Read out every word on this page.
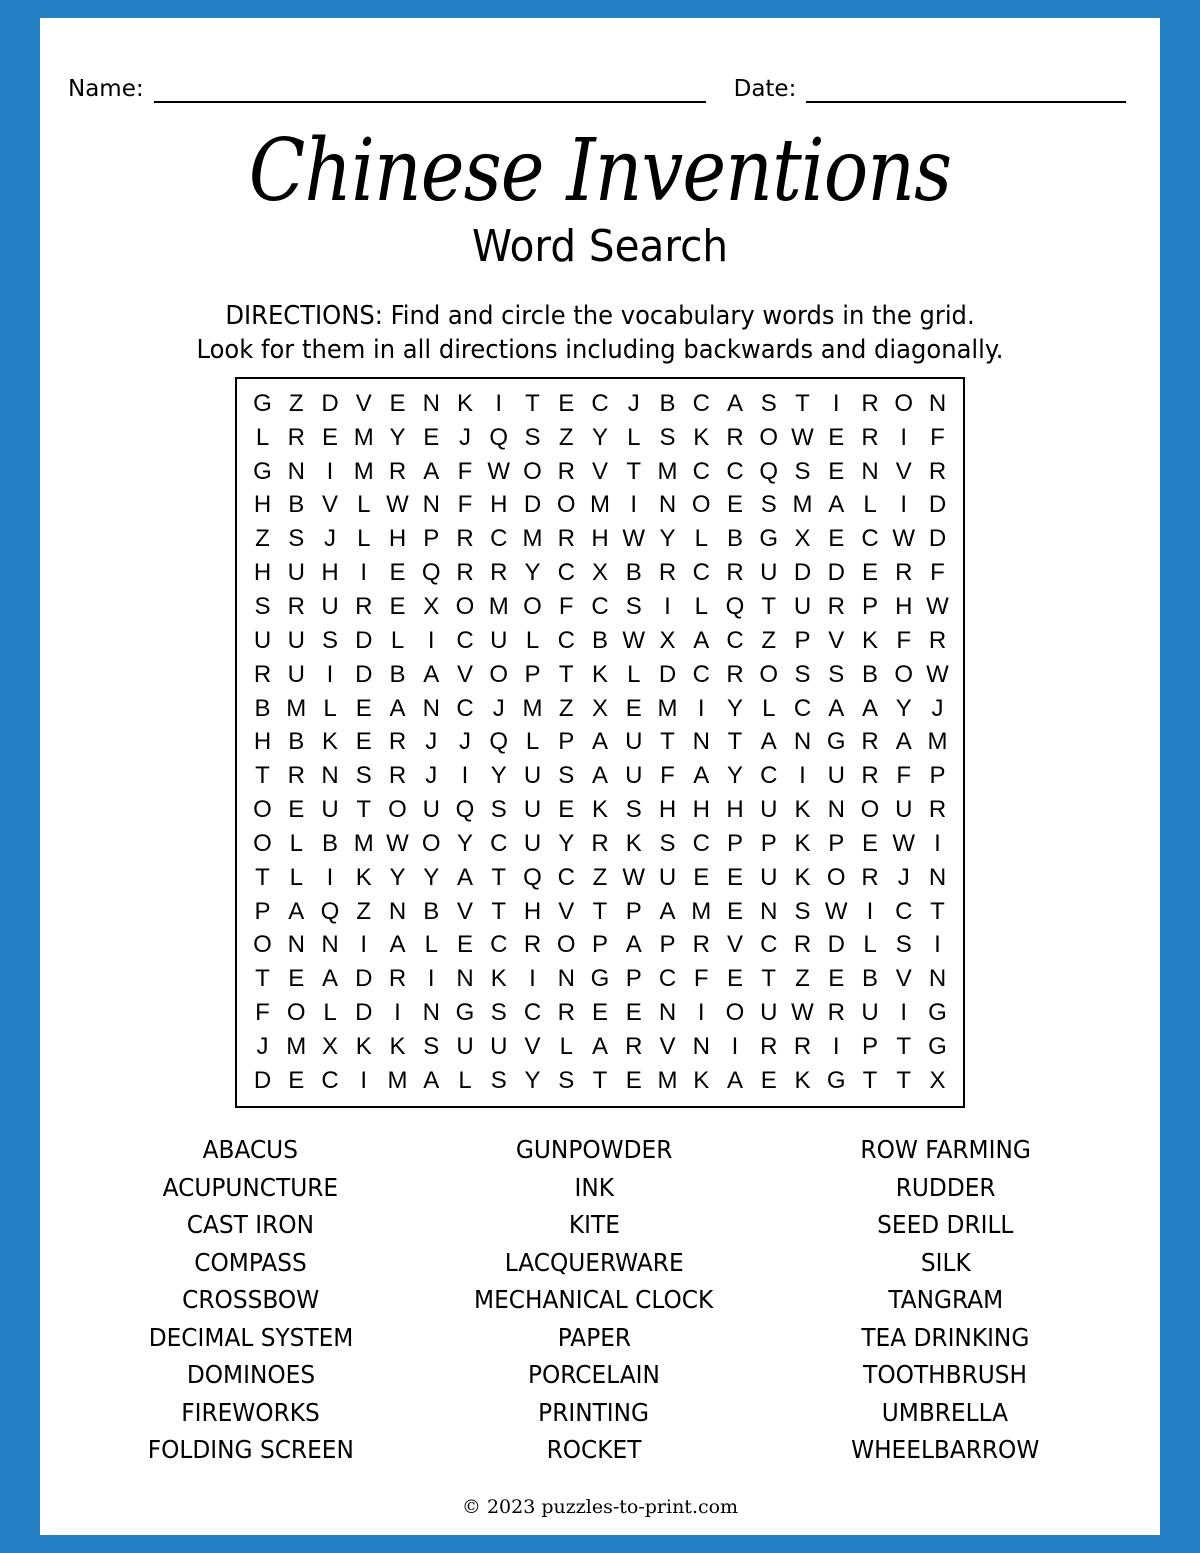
Name:	Date:
Chinese Inventions
Word Search
DIRECTIONS: Find and circle the vocabulary words in the grid.
Look for them in all directions including backwards and diagonally.
G Z D V E N K I T E C J B C A S T I R O N
L R E M Y E J Q S Z Y L S K R O W E R I F
G N I M R A F W O R V T M C C Q S E N V R
H B V L W N F H D O M I N O E S M A L I D
Z S J L H P R C M R H W Y L B G X E C W D
H U H I E Q R R Y C X B R C R U D D E R F
S R U R E X O M O F C S I L Q T U R P H W
U U S D L I C U L C B W X A C Z P V K F R
R U I D B A V O P T K L D C R O S S B O W
B M L E A N C J M Z X E M I Y L C A A Y J
H B K E R J J Q L P A U T N T A N G R A M
T R N S R J	I Y U S A U F A Y C I U R F P
O E U T O U Q S U E K S H H H U K N O U R
O L B M W O Y C U Y R K S C P P K P E W I
T L I K Y Y A T Q C Z W U E E U K O R J N
P A Q Z N B V T H V T P A M E N S W I C T
O N N I A L E C R O P A P R V C R D L S I
T E A D R I N K I N G P C F E T Z E B V N
F O L D I N G S C R E E N I O U W R U I G
J M X K K S U U V L A R V N I R R I P T G
D E C I M A L S Y S T E M K A E K G T T X
ABACUS
ACUPUNCTURE
CAST IRON
COMPASS
CROSSBOW
DECIMAL SYSTEM
DOMINOES
FIREWORKS
FOLDING SCREEN
GUNPOWDER
INK
KITE
LACQUERWARE
MECHANICAL CLOCK
PAPER
PORCELAIN
PRINTING
ROCKET
ROW FARMING
RUDDER
SEED DRILL
SILK
TANGRAM
TEA DRINKING
TOOTHBRUSH
UMBRELLA
WHEELBARROW
© 2023 puzzles-to-print.com
